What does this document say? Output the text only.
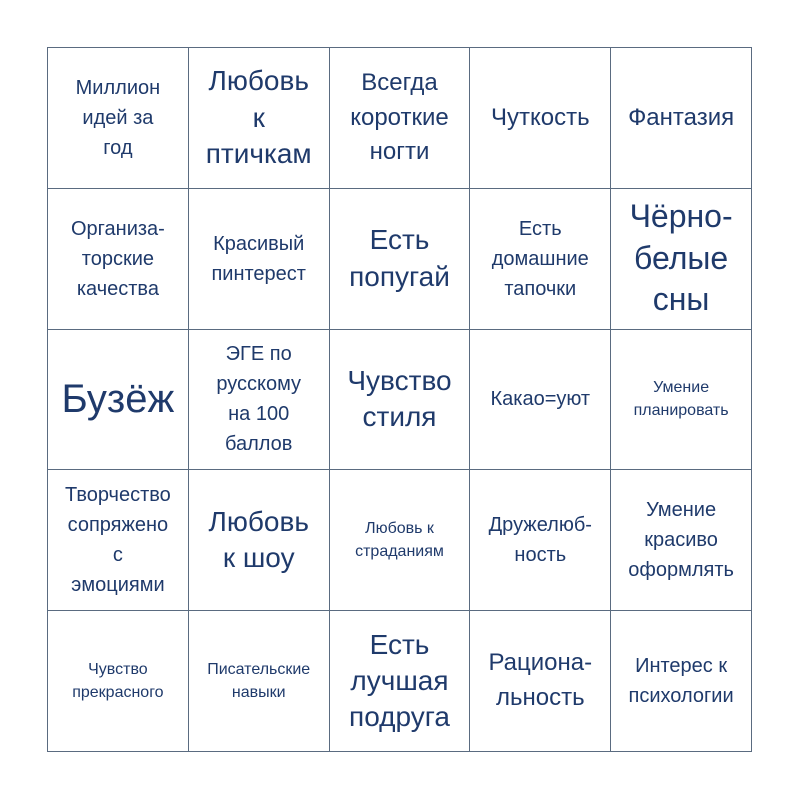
Миллион
идей за
год
Любовь
к
птичкам
Всегда
короткие
ногти
Чуткость	Фантазия
Организа-
торские
качества
Красивый
пинтерест
Есть
попугай
Есть
домашние
тапочки
Чёрно-
белые
сны
Бузёж
ЭГЕ по
русскому
на 100
баллов
Чувство
стиля
Какао=уют
Умение
планировать
Творчество
сопряжено
с
эмоциями
Любовь
к шоу
Любовь к
страданиям
Дружелюб-
ность
Умение
красиво
оформлять
Чувство
прекрасного
Писательские
навыки
Есть
лучшая
подруга
Рациона-
льность
Интерес к
психологии
